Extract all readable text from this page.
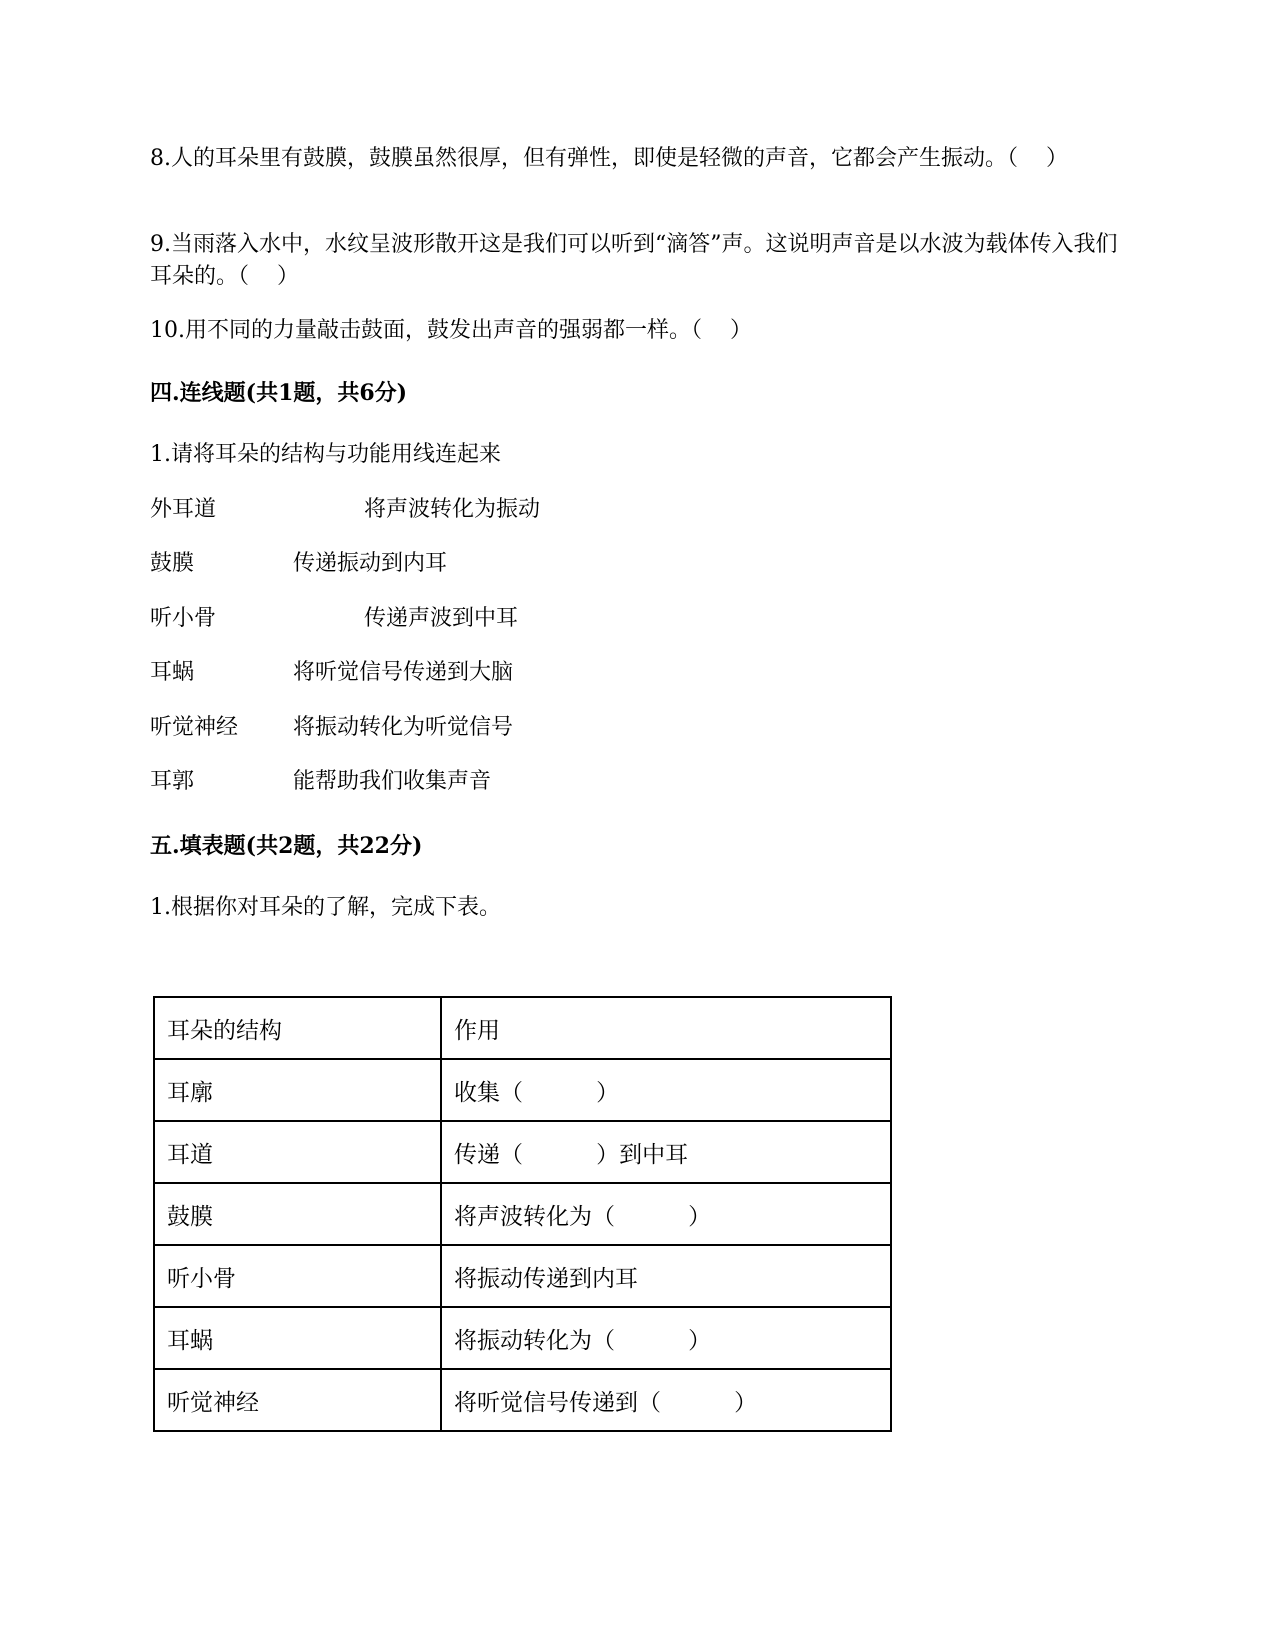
8.人的耳朵里有鼓膜，鼓膜虽然很厚，但有弹性，即使是轻微的声音，它都会产生振动。（    ）
9.当雨落入水中，水纹呈波形散开这是我们可以听到“滴答”声。这说明声音是以水波为载体传入我们耳朵的。（    ）
10.用不同的力量敲击鼓面，鼓发出声音的强弱都一样。（    ）
四.连线题(共1题，共6分)
1.请将耳朵的结构与功能用线连起来
外耳道	将声波转化为振动
鼓膜	传递振动到内耳
听小骨	传递声波到中耳
耳蜗	将听觉信号传递到大脑
听觉神经 将振动转化为听觉信号
耳郭	能帮助我们收集声音
五.填表题(共2题，共22分)
1.根据你对耳朵的了解，完成下表。
耳朵的结构	作用
耳廓	收集（          ）
耳道	传递（          ）到中耳
鼓膜	将声波转化为（          ）
听小骨	将振动传递到内耳
耳蜗	将振动转化为（          ）
听觉神经	将听觉信号传递到（          ）
